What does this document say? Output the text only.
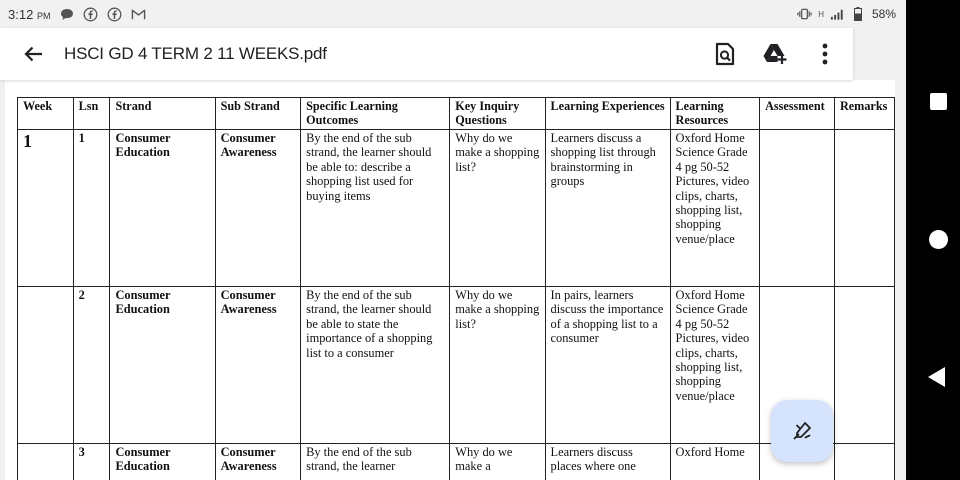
3:12 PM	H	58%
Week	Lsn	Strand	Sub Strand	Specific Learning Outcomes	Key Inquiry Questions	Learning Experiences	Learning Resources	Assessment	Remarks
1	1	Consumer Education	Consumer Awareness	By the end of the sub strand, the learner should be able to: describe a shopping list used for buying items	Why do we make a shopping list?	Learners discuss a shopping list through brainstorming in groups	Oxford Home Science Grade 4 pg 50-52 Pictures, video clips, charts, shopping list, shopping venue/place		
	2	Consumer Education	Consumer Awareness	By the end of the sub strand, the learner should be able to state the importance of a shopping list to a consumer	Why do we make a shopping list?	In pairs, learners discuss the importance of a shopping list to a consumer	Oxford Home Science Grade 4 pg 50-52 Pictures, video clips, charts, shopping list, shopping venue/place		
	3	Consumer Education	Consumer Awareness	By the end of the sub strand, the learner	Why do we make a	Learners discuss places where one	Oxford Home		
HSCI GD 4 TERM 2 11 WEEKS.pdf
